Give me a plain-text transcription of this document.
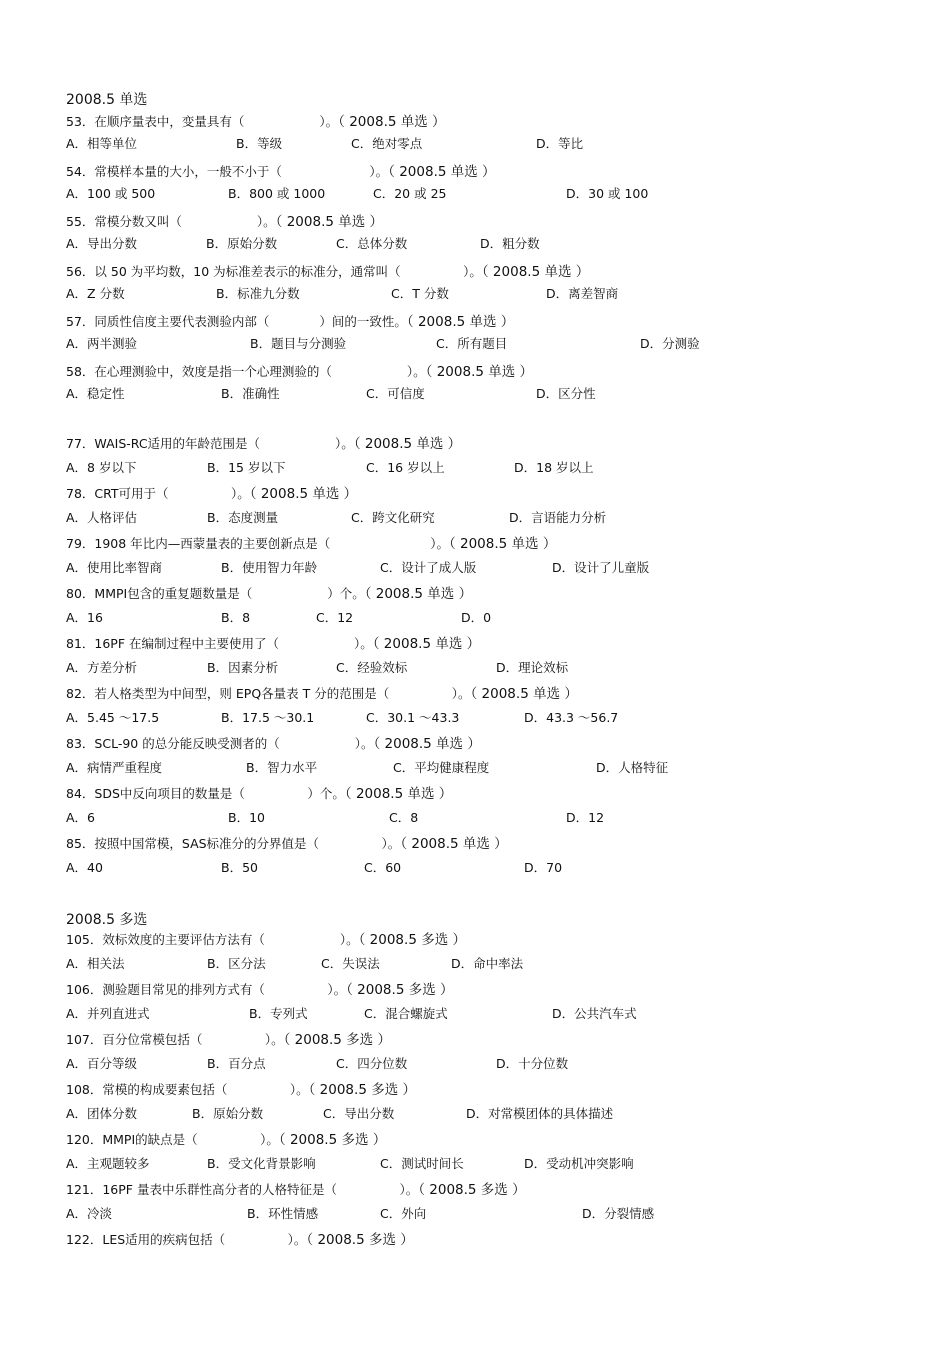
2008.5 单选
53．在顺序量表中，变量具有（　　　　　　）。（ 2008.5 单选 ）
A．相等单位	B．等级	C．绝对零点	D．等比
54．常模样本量的大小，一般不小于（　　　　　　　）。（ 2008.5 单选 ）
A．100 或 500	B．800 或 1000	C．20 或 25	D．30 或 100
55．常模分数又叫（　　　　　　）。（ 2008.5 单选 ）
A．导出分数	B．原始分数	C．总体分数	D．粗分数
56．以 50 为平均数，10 为标准差表示的标准分，通常叫（　　　　　）。（ 2008.5 单选 ）
A．Z 分数	B．标准九分数	C．T 分数	D．离差智商
57．同质性信度主要代表测验内部（　　　　）间的一致性。（ 2008.5 单选 ）
A．两半测验	B．题目与分测验	C．所有题目	D．分测验
58．在心理测验中，效度是指一个心理测验的（　　　　　　）。（ 2008.5 单选 ）
A．稳定性	B．准确性	C．可信度	D．区分性
77．WAIS-RC适用的年龄范围是（　　　　　　）。（ 2008.5 单选 ）
A．8 岁以下	B．15 岁以下	C．16 岁以上	D．18 岁以上
78．CRT可用于（　　　　　）。（ 2008.5 单选 ）
A．人格评估	B．态度测量	C．跨文化研究	D．言语能力分析
79．1908 年比内—西蒙量表的主要创新点是（　　　　　　　　）。（ 2008.5 单选 ）
A．使用比率智商	B．使用智力年龄	C．设计了成人版	D．设计了儿童版
80．MMPI包含的重复题数量是（　　　　　　）个。（ 2008.5 单选 ）
A．16	B．8	C．12	D．0
81．16PF 在编制过程中主要使用了（　　　　　　）。（ 2008.5 单选 ）
A．方差分析	B．因素分析	C．经验效标	D．理论效标
82．若人格类型为中间型，则 EPQ各量表 T 分的范围是（　　　　　）。（ 2008.5 单选 ）
A．5.45 ～17.5	B．17.5 ～30.1	C．30.1 ～43.3	D．43.3 ～56.7
83．SCL-90 的总分能反映受测者的（　　　　　　）。（ 2008.5 单选 ）
A．病情严重程度	B．智力水平	C．平均健康程度	D．人格特征
84．SDS中反向项目的数量是（　　　　　）个。（ 2008.5 单选 ）
A．6	B．10	C．8	D．12
85．按照中国常模，SAS标准分的分界值是（　　　　　）。（ 2008.5 单选 ）
A．40	B．50	C．60	D．70
2008.5 多选
105．效标效度的主要评估方法有（　　　　　　）。（ 2008.5 多选 ）
A．相关法	B．区分法	C．失误法	D．命中率法
106．测验题目常见的排列方式有（　　　　　）。（ 2008.5 多选 ）
A．并列直进式	B．专列式	C．混合螺旋式	D．公共汽车式
107．百分位常模包括（　　　　　）。（ 2008.5 多选 ）
A．百分等级	B．百分点	C．四分位数	D．十分位数
108．常模的构成要素包括（　　　　　）。（ 2008.5 多选 ）
A．团体分数	B．原始分数	C．导出分数	D．对常模团体的具体描述
120．MMPI的缺点是（　　　　　）。（ 2008.5 多选 ）
A．主观题较多	B．受文化背景影响	C．测试时间长	D．受动机冲突影响
121．16PF 量表中乐群性高分者的人格特征是（　　　　　）。（ 2008.5 多选 ）
A．冷淡	B．环性情感	C．外向	D．分裂情感
122．LES适用的疾病包括（　　　　　）。（ 2008.5 多选 ）
